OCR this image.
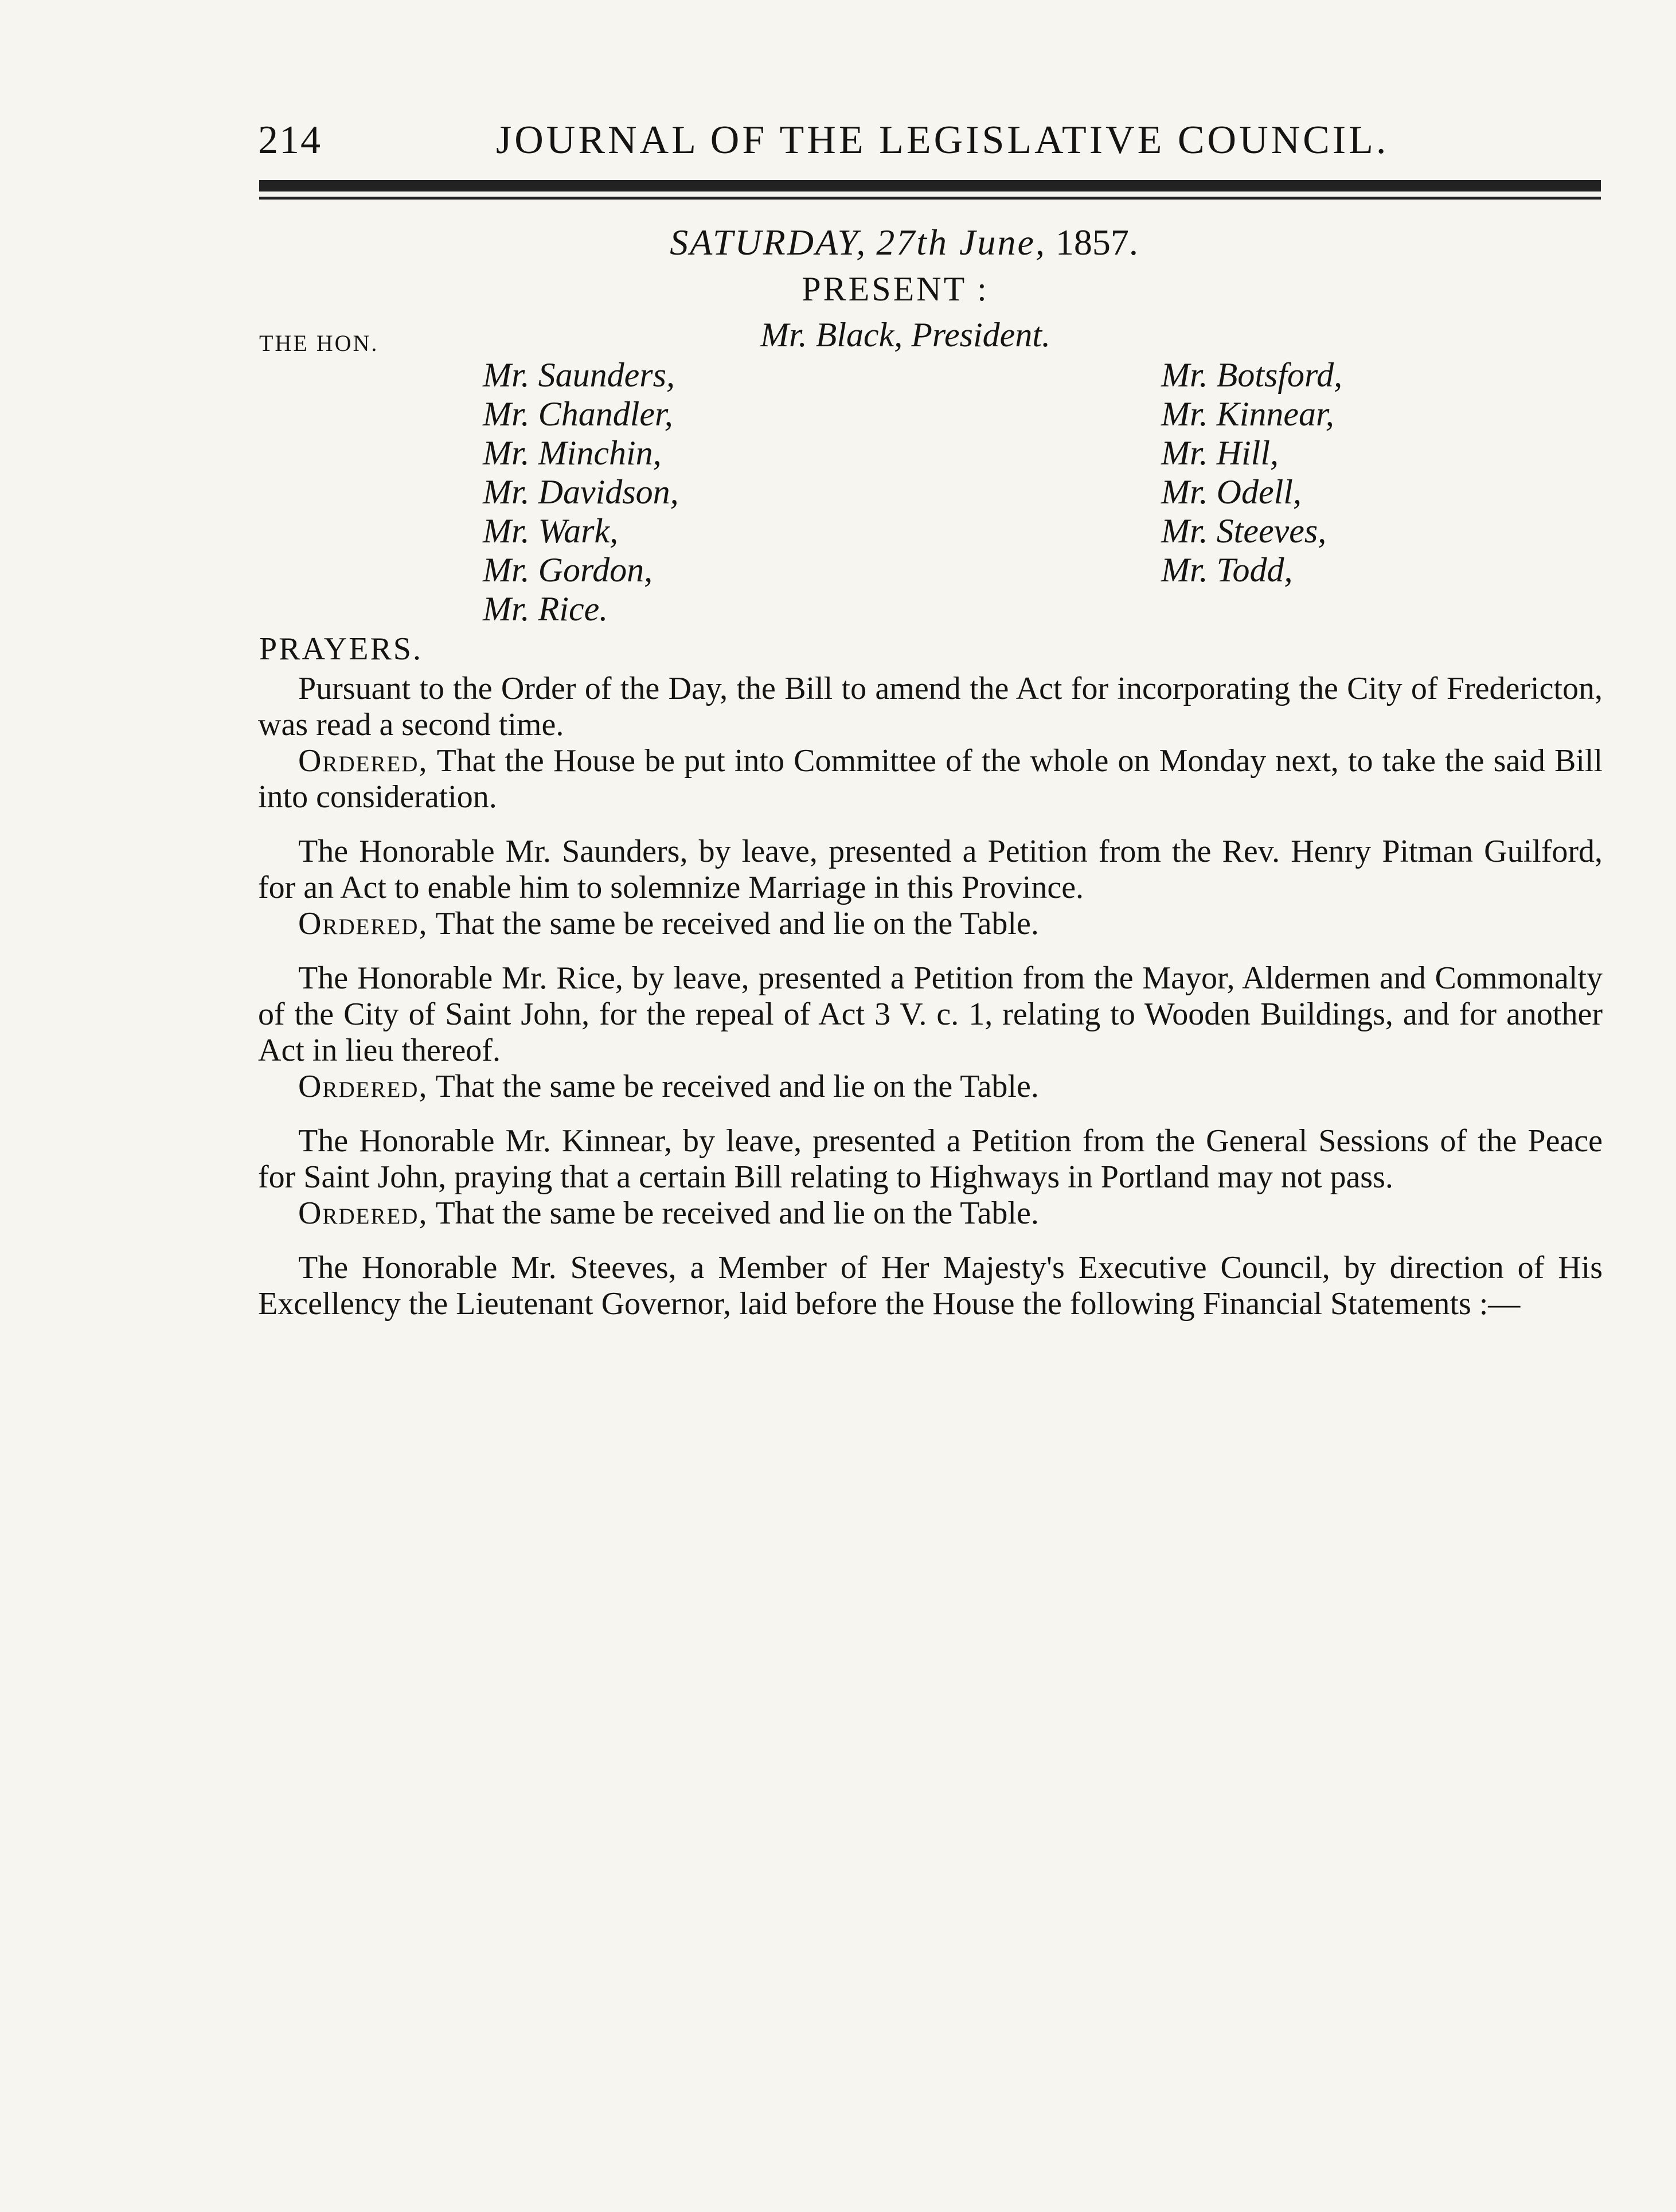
214	JOURNAL OF THE LEGISLATIVE COUNCIL.
SATURDAY, 27th June, 1857.
PRESENT :
THE HON.	Mr. Black, President.
Mr. Saunders,
Mr. Chandler,
Mr. Minchin,
Mr. Davidson,
Mr. Wark,
Mr. Gordon,
Mr. Rice.
Mr. Botsford,
Mr. Kinnear,
Mr. Hill,
Mr. Odell,
Mr. Steeves,
Mr. Todd,
PRAYERS.

Pursuant to the Order of the Day, the Bill to amend the Act for incorporating the City of Fredericton, was read a second time.

Ordered, That the House be put into Committee of the whole on Monday next, to take the said Bill into consideration.

The Honorable Mr. Saunders, by leave, presented a Petition from the Rev. Henry Pitman Guilford, for an Act to enable him to solemnize Marriage in this Province.

Ordered, That the same be received and lie on the Table.

The Honorable Mr. Rice, by leave, presented a Petition from the Mayor, Aldermen and Commonalty of the City of Saint John, for the repeal of Act 3 V. c. 1, relating to Wooden Buildings, and for another Act in lieu thereof.

Ordered, That the same be received and lie on the Table.

The Honorable Mr. Kinnear, by leave, presented a Petition from the General Sessions of the Peace for Saint John, praying that a certain Bill relating to Highways in Portland may not pass.

Ordered, That the same be received and lie on the Table.

The Honorable Mr. Steeves, a Member of Her Majesty's Executive Council, by direction of His Excellency the Lieutenant Governor, laid before the House the following Financial Statements :—
